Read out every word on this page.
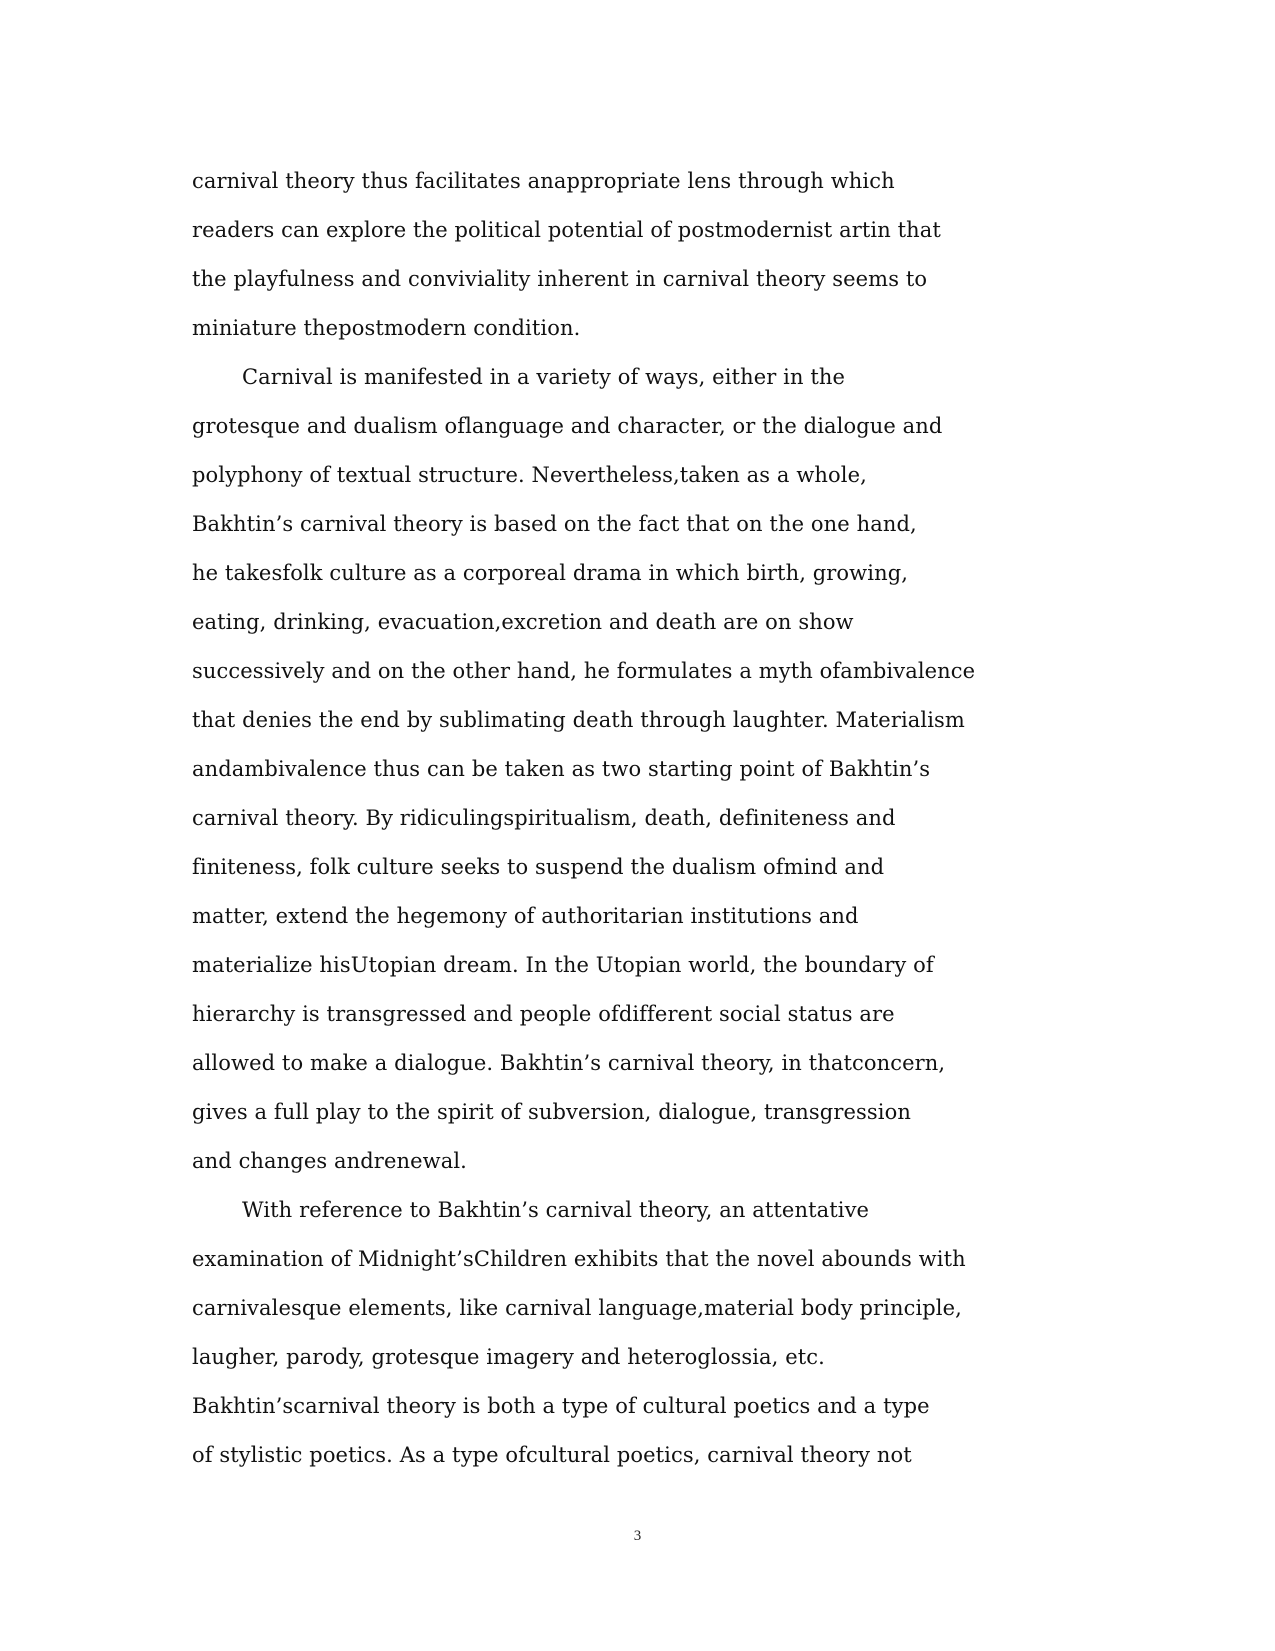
carnival theory thus facilitates anappropriate lens through which
readers can explore the political potential of postmodernist artin that
the playfulness and conviviality inherent in carnival theory seems to
miniature thepostmodern condition.
Carnival is manifested in a variety of ways, either in the
grotesque and dualism oflanguage and character, or the dialogue and
polyphony of textual structure. Nevertheless,taken as a whole,
Bakhtin’s carnival theory is based on the fact that on the one hand,
he takesfolk culture as a corporeal drama in which birth, growing,
eating, drinking, evacuation,excretion and death are on show
successively and on the other hand, he formulates a myth ofambivalence
that denies the end by sublimating death through laughter. Materialism
andambivalence thus can be taken as two starting point of Bakhtin’s
carnival theory. By ridiculingspiritualism, death, definiteness and
finiteness, folk culture seeks to suspend the dualism ofmind and
matter, extend the hegemony of authoritarian institutions and
materialize hisUtopian dream. In the Utopian world, the boundary of
hierarchy is transgressed and people ofdifferent social status are
allowed to make a dialogue. Bakhtin’s carnival theory, in thatconcern,
gives a full play to the spirit of subversion, dialogue, transgression
and changes andrenewal.
With reference to Bakhtin’s carnival theory, an attentative
examination of Midnight’sChildren exhibits that the novel abounds with
carnivalesque elements, like carnival language,material body principle,
laugher, parody, grotesque imagery and heteroglossia, etc.
Bakhtin’scarnival theory is both a type of cultural poetics and a type
of stylistic poetics. As a type ofcultural poetics, carnival theory not
3
